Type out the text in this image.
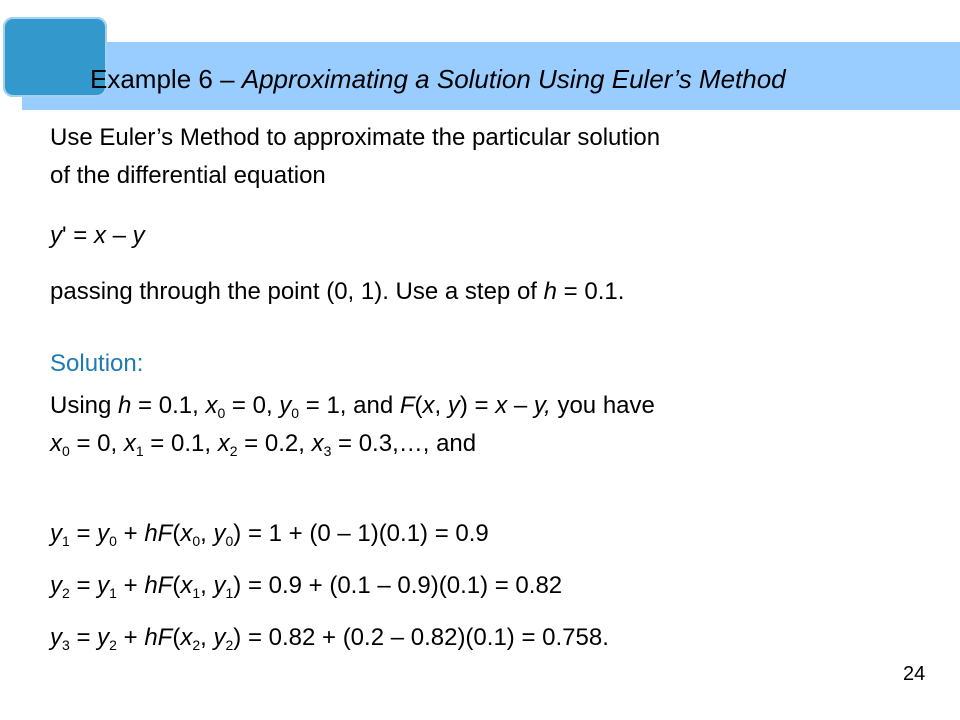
Example 6 – Approximating a Solution Using Euler’s Method
Use Euler’s Method to approximate the particular solution
of the differential equation
y' = x – y
passing through the point (0, 1). Use a step of h = 0.1.
Solution:
Using h = 0.1, $x_0 = 0$, $y_0 = 1$, and F(x, y) = x – y, you have
$x_0 = 0$, $x_1 = 0.1$, $x_2 = 0.2$, $x_3$ = 0.3,…, and
$y_1 = y_0 + hF(x_0$, $y_0) = 1 + (0 - 1)(0.1) = 0.9$
$y_2 = y_1 + hF(x_1$, $y_1) = 0.9 + (0.1 - 0.9)(0.1) = 0.82$
$y_3 = y_2 + hF(x_2$, $y_2) = 0.82 + (0.2 - 0.82)(0.1) = 0.758$.
24
